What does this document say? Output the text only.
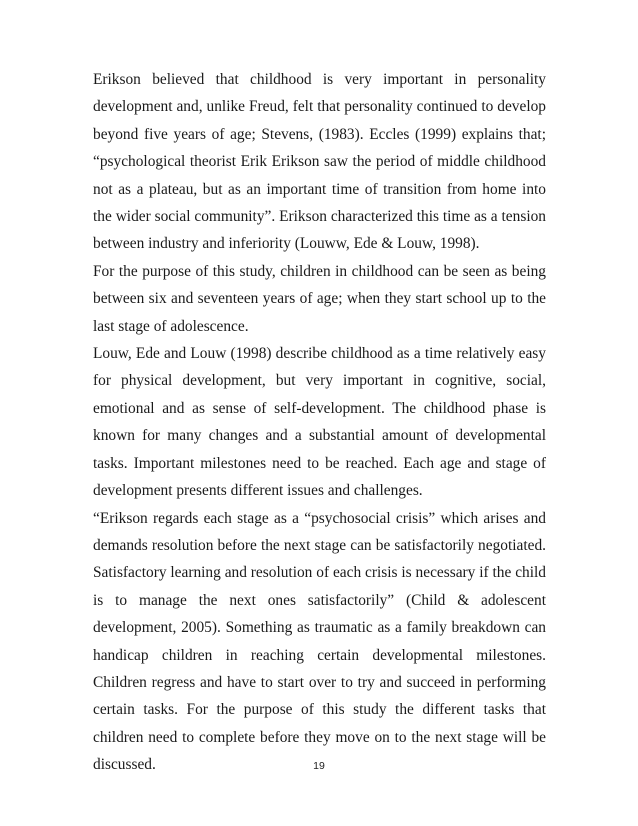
Erikson believed that childhood is very important in personality development and, unlike Freud, felt that personality continued to develop beyond five years of age; Stevens, (1983). Eccles (1999) explains that; “psychological theorist Erik Erikson saw the period of middle childhood not as a plateau, but as an important time of transition from home into the wider social community”. Erikson characterized this time as a tension between industry and inferiority (Louww, Ede & Louw, 1998).

For the purpose of this study, children in childhood can be seen as being between six and seventeen years of age; when they start school up to the last stage of adolescence.

Louw, Ede and Louw (1998) describe childhood as a time relatively easy for physical development, but very important in cognitive, social, emotional and as sense of self-development. The childhood phase is known for many changes and a substantial amount of developmental tasks. Important milestones need to be reached. Each age and stage of development presents different issues and challenges.

“Erikson regards each stage as a “psychosocial crisis” which arises and demands resolution before the next stage can be satisfactorily negotiated. Satisfactory learning and resolution of each crisis is necessary if the child is to manage the next ones satisfactorily” (Child & adolescent development, 2005). Something as traumatic as a family breakdown can handicap children in reaching certain developmental milestones. Children regress and have to start over to try and succeed in performing certain tasks. For the purpose of this study the different tasks that children need to complete before they move on to the next stage will be discussed.	19
